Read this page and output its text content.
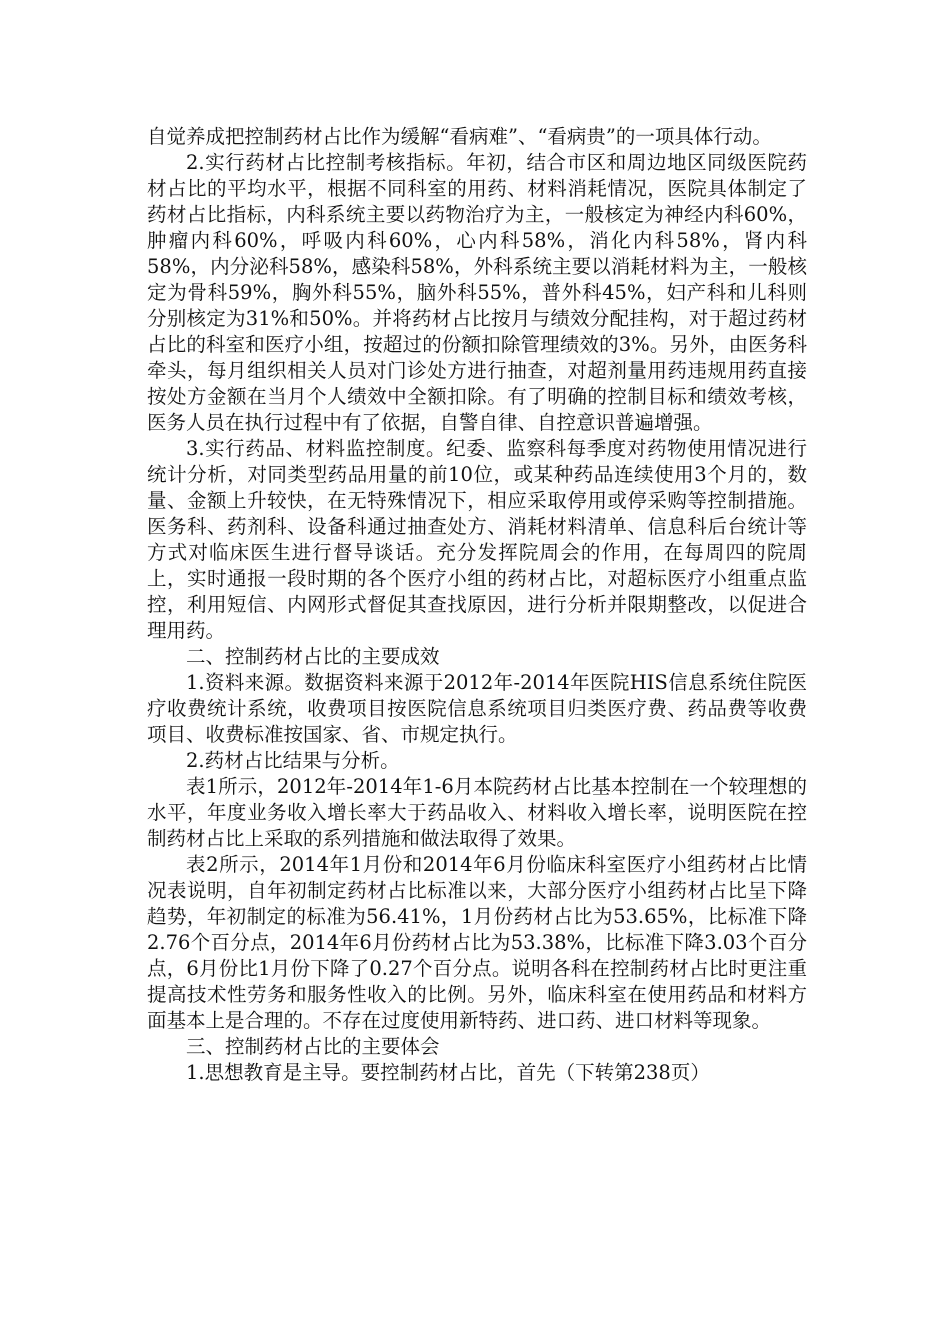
自觉养成把控制药材占比作为缓解“看病难”、“看病贵”的一项具体行动。

2.实行药材占比控制考核指标。年初，结合市区和周边地区同级医院药材占比的平均水平，根据不同科室的用药、材料消耗情况，医院具体制定了药材占比指标，内科系统主要以药物治疗为主，一般核定为神经内科60%，肿瘤内科60%，呼吸内科60%，心内科58%，消化内科58%，肾内科58%，内分泌科58%，感染科58%，外科系统主要以消耗材料为主，一般核定为骨科59%，胸外科55%，脑外科55%，普外科45%，妇产科和儿科则分别核定为31%和50%。并将药材占比按月与绩效分配挂构，对于超过药材占比的科室和医疗小组，按超过的份额扣除管理绩效的3%。另外，由医务科牵头，每月组织相关人员对门诊处方进行抽查，对超剂量用药违规用药直接按处方金额在当月个人绩效中全额扣除。有了明确的控制目标和绩效考核，医务人员在执行过程中有了依据，自警自律、自控意识普遍增强。

3.实行药品、材料监控制度。纪委、监察科每季度对药物使用情况进行统计分析，对同类型药品用量的前10位，或某种药品连续使用3个月的，数量、金额上升较快，在无特殊情况下，相应采取停用或停采购等控制措施。医务科、药剂科、设备科通过抽查处方、消耗材料清单、信息科后台统计等方式对临床医生进行督导谈话。充分发挥院周会的作用，在每周四的院周上，实时通报一段时期的各个医疗小组的药材占比，对超标医疗小组重点监控，利用短信、内网形式督促其查找原因，进行分析并限期整改，以促进合理用药。

二、控制药材占比的主要成效

1.资料来源。数据资料来源于2012年-2014年医院HIS信息系统住院医疗收费统计系统，收费项目按医院信息系统项目归类医疗费、药品费等收费项目、收费标准按国家、省、市规定执行。

2.药材占比结果与分析。

表1所示，2012年-2014年1-6月本院药材占比基本控制在一个较理想的水平，年度业务收入增长率大于药品收入、材料收入增长率，说明医院在控制药材占比上采取的系列措施和做法取得了效果。

表2所示，2014年1月份和2014年6月份临床科室医疗小组药材占比情况表说明，自年初制定药材占比标准以来，大部分医疗小组药材占比呈下降趋势，年初制定的标准为56.41%，1月份药材占比为53.65%，比标准下降2.76个百分点，2014年6月份药材占比为53.38%，比标准下降3.03个百分点，6月份比1月份下降了0.27个百分点。说明各科在控制药材占比时更注重提高技术性劳务和服务性收入的比例。另外，临床科室在使用药品和材料方面基本上是合理的。不存在过度使用新特药、进口药、进口材料等现象。

三、控制药材占比的主要体会

1.思想教育是主导。要控制药材占比，首先（下转第238页）
